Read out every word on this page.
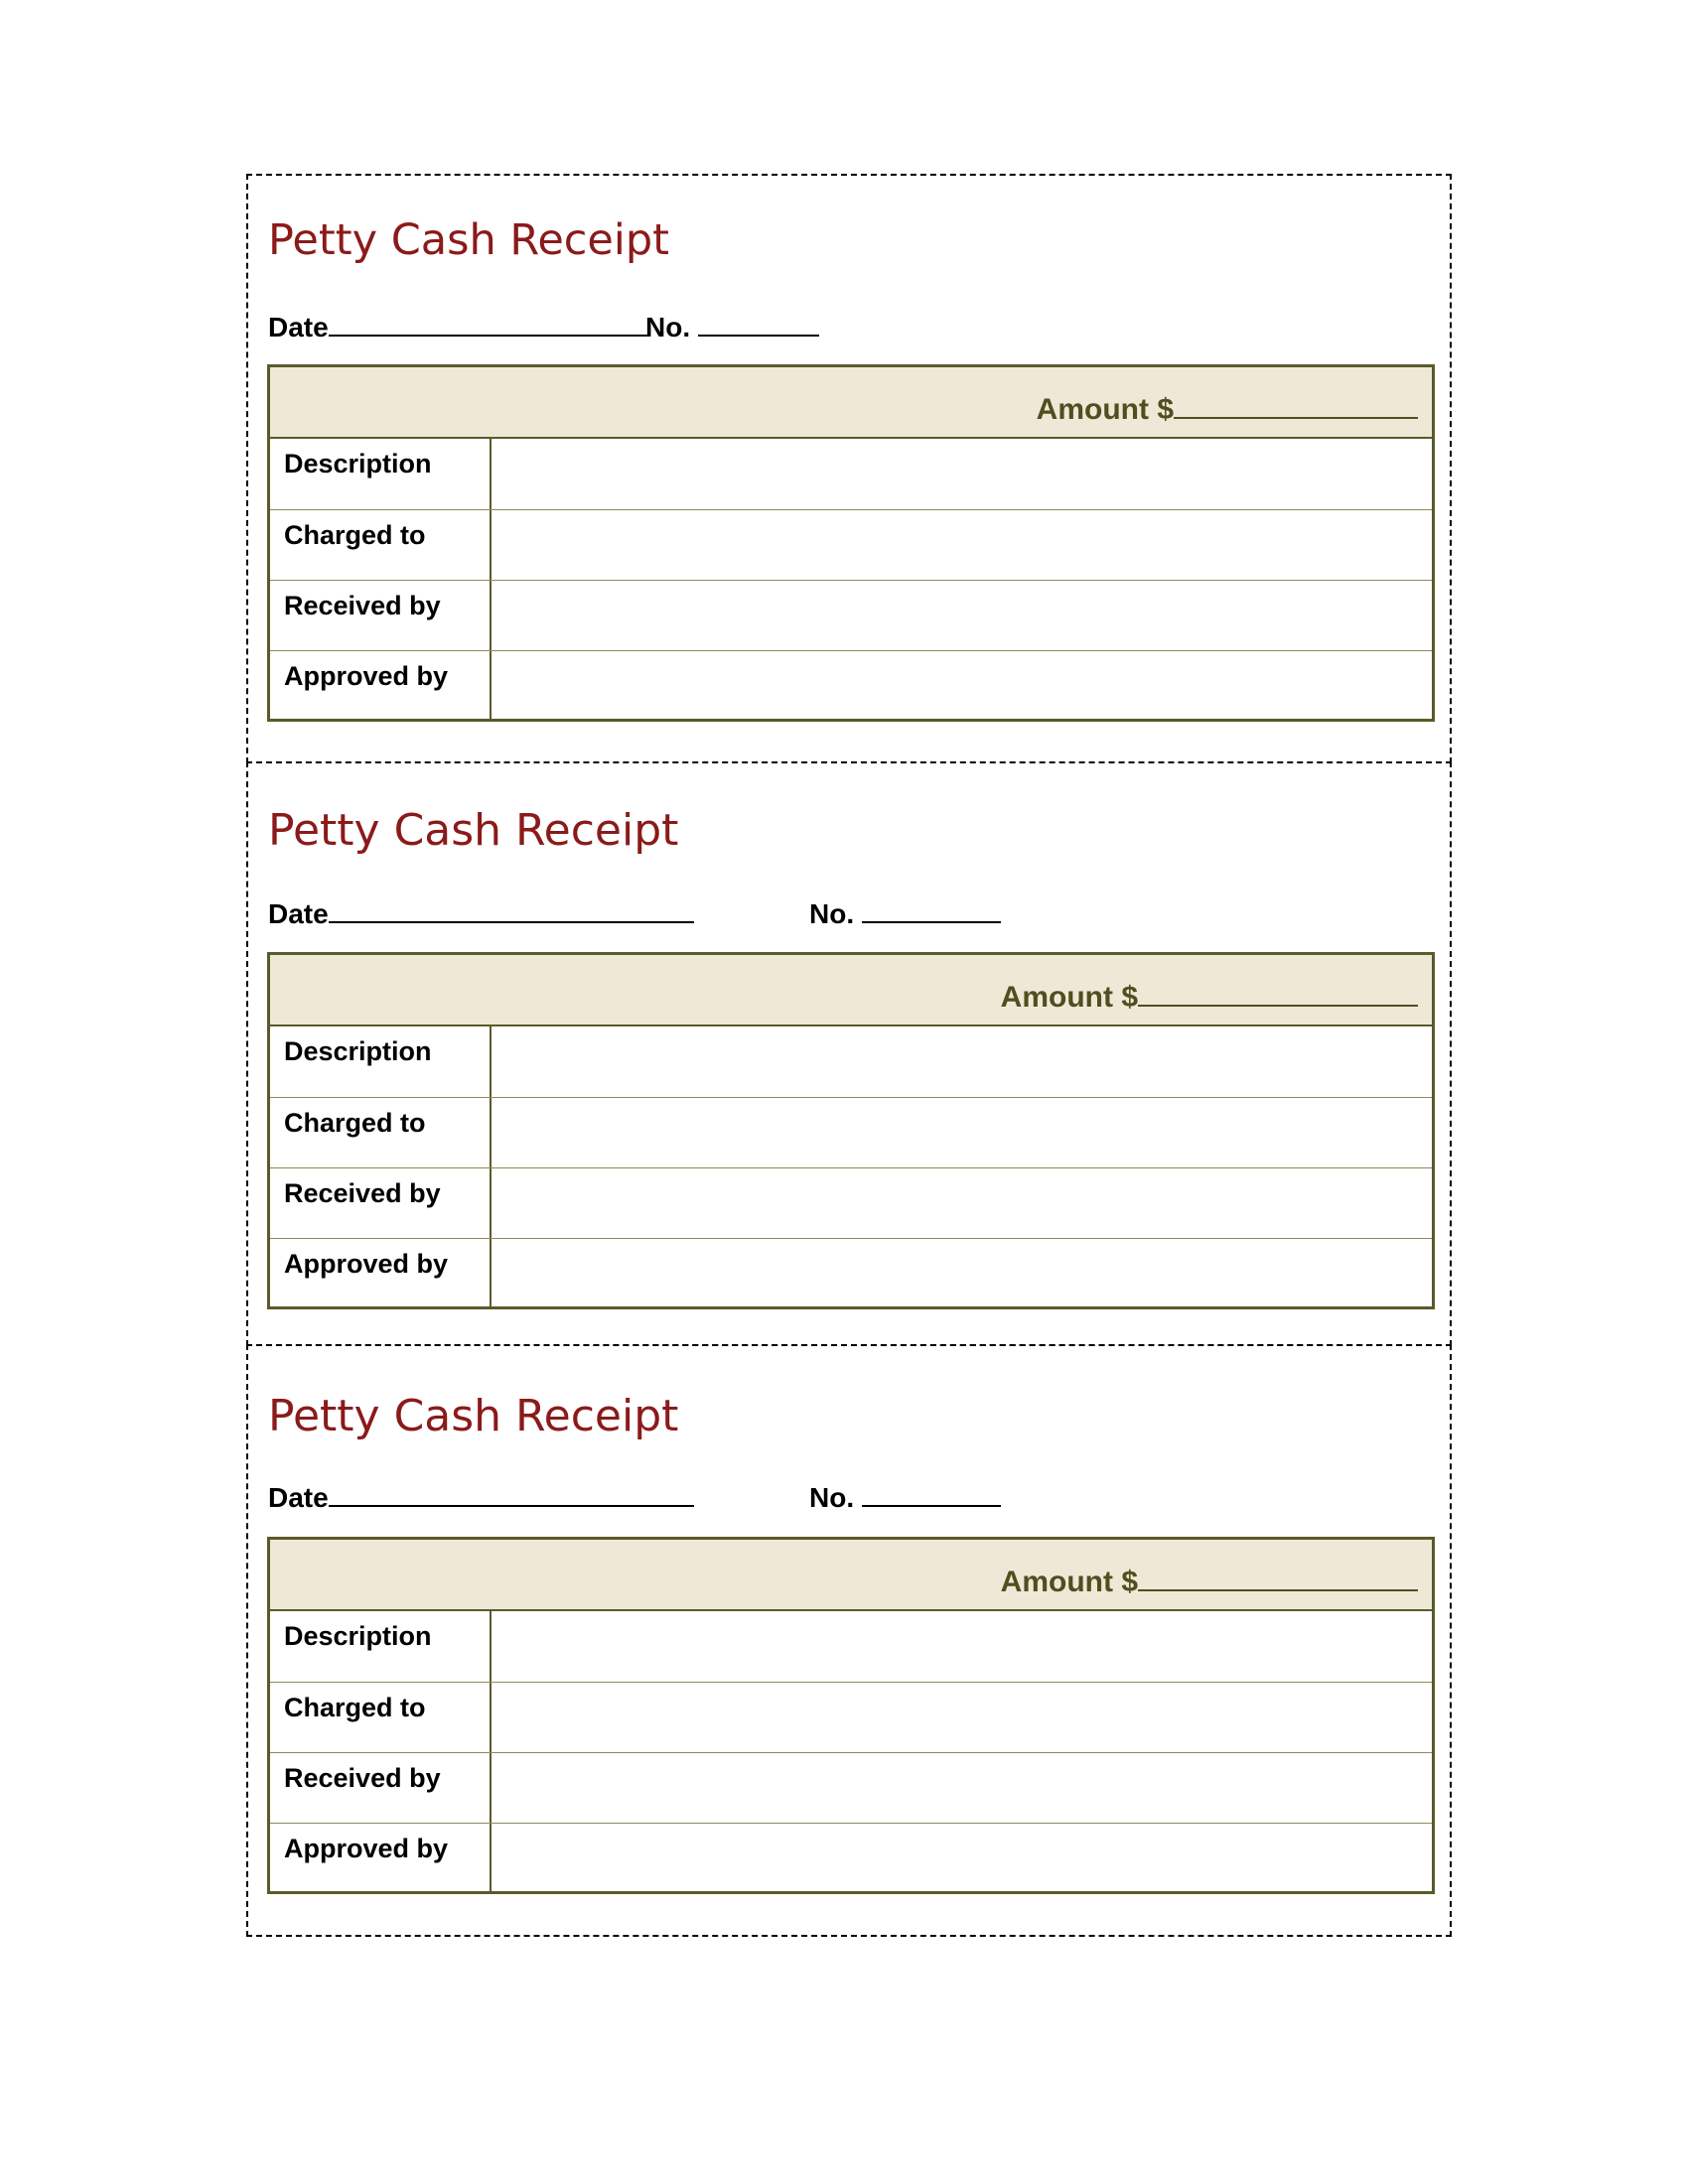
Petty Cash Receipt
Date	No.
Amount $
Description
Charged to
Received by
Approved by
Petty Cash Receipt
Date	No.
Amount $
Description
Charged to
Received by
Approved by
Petty Cash Receipt
Date	No.
Amount $
Description
Charged to
Received by
Approved by
